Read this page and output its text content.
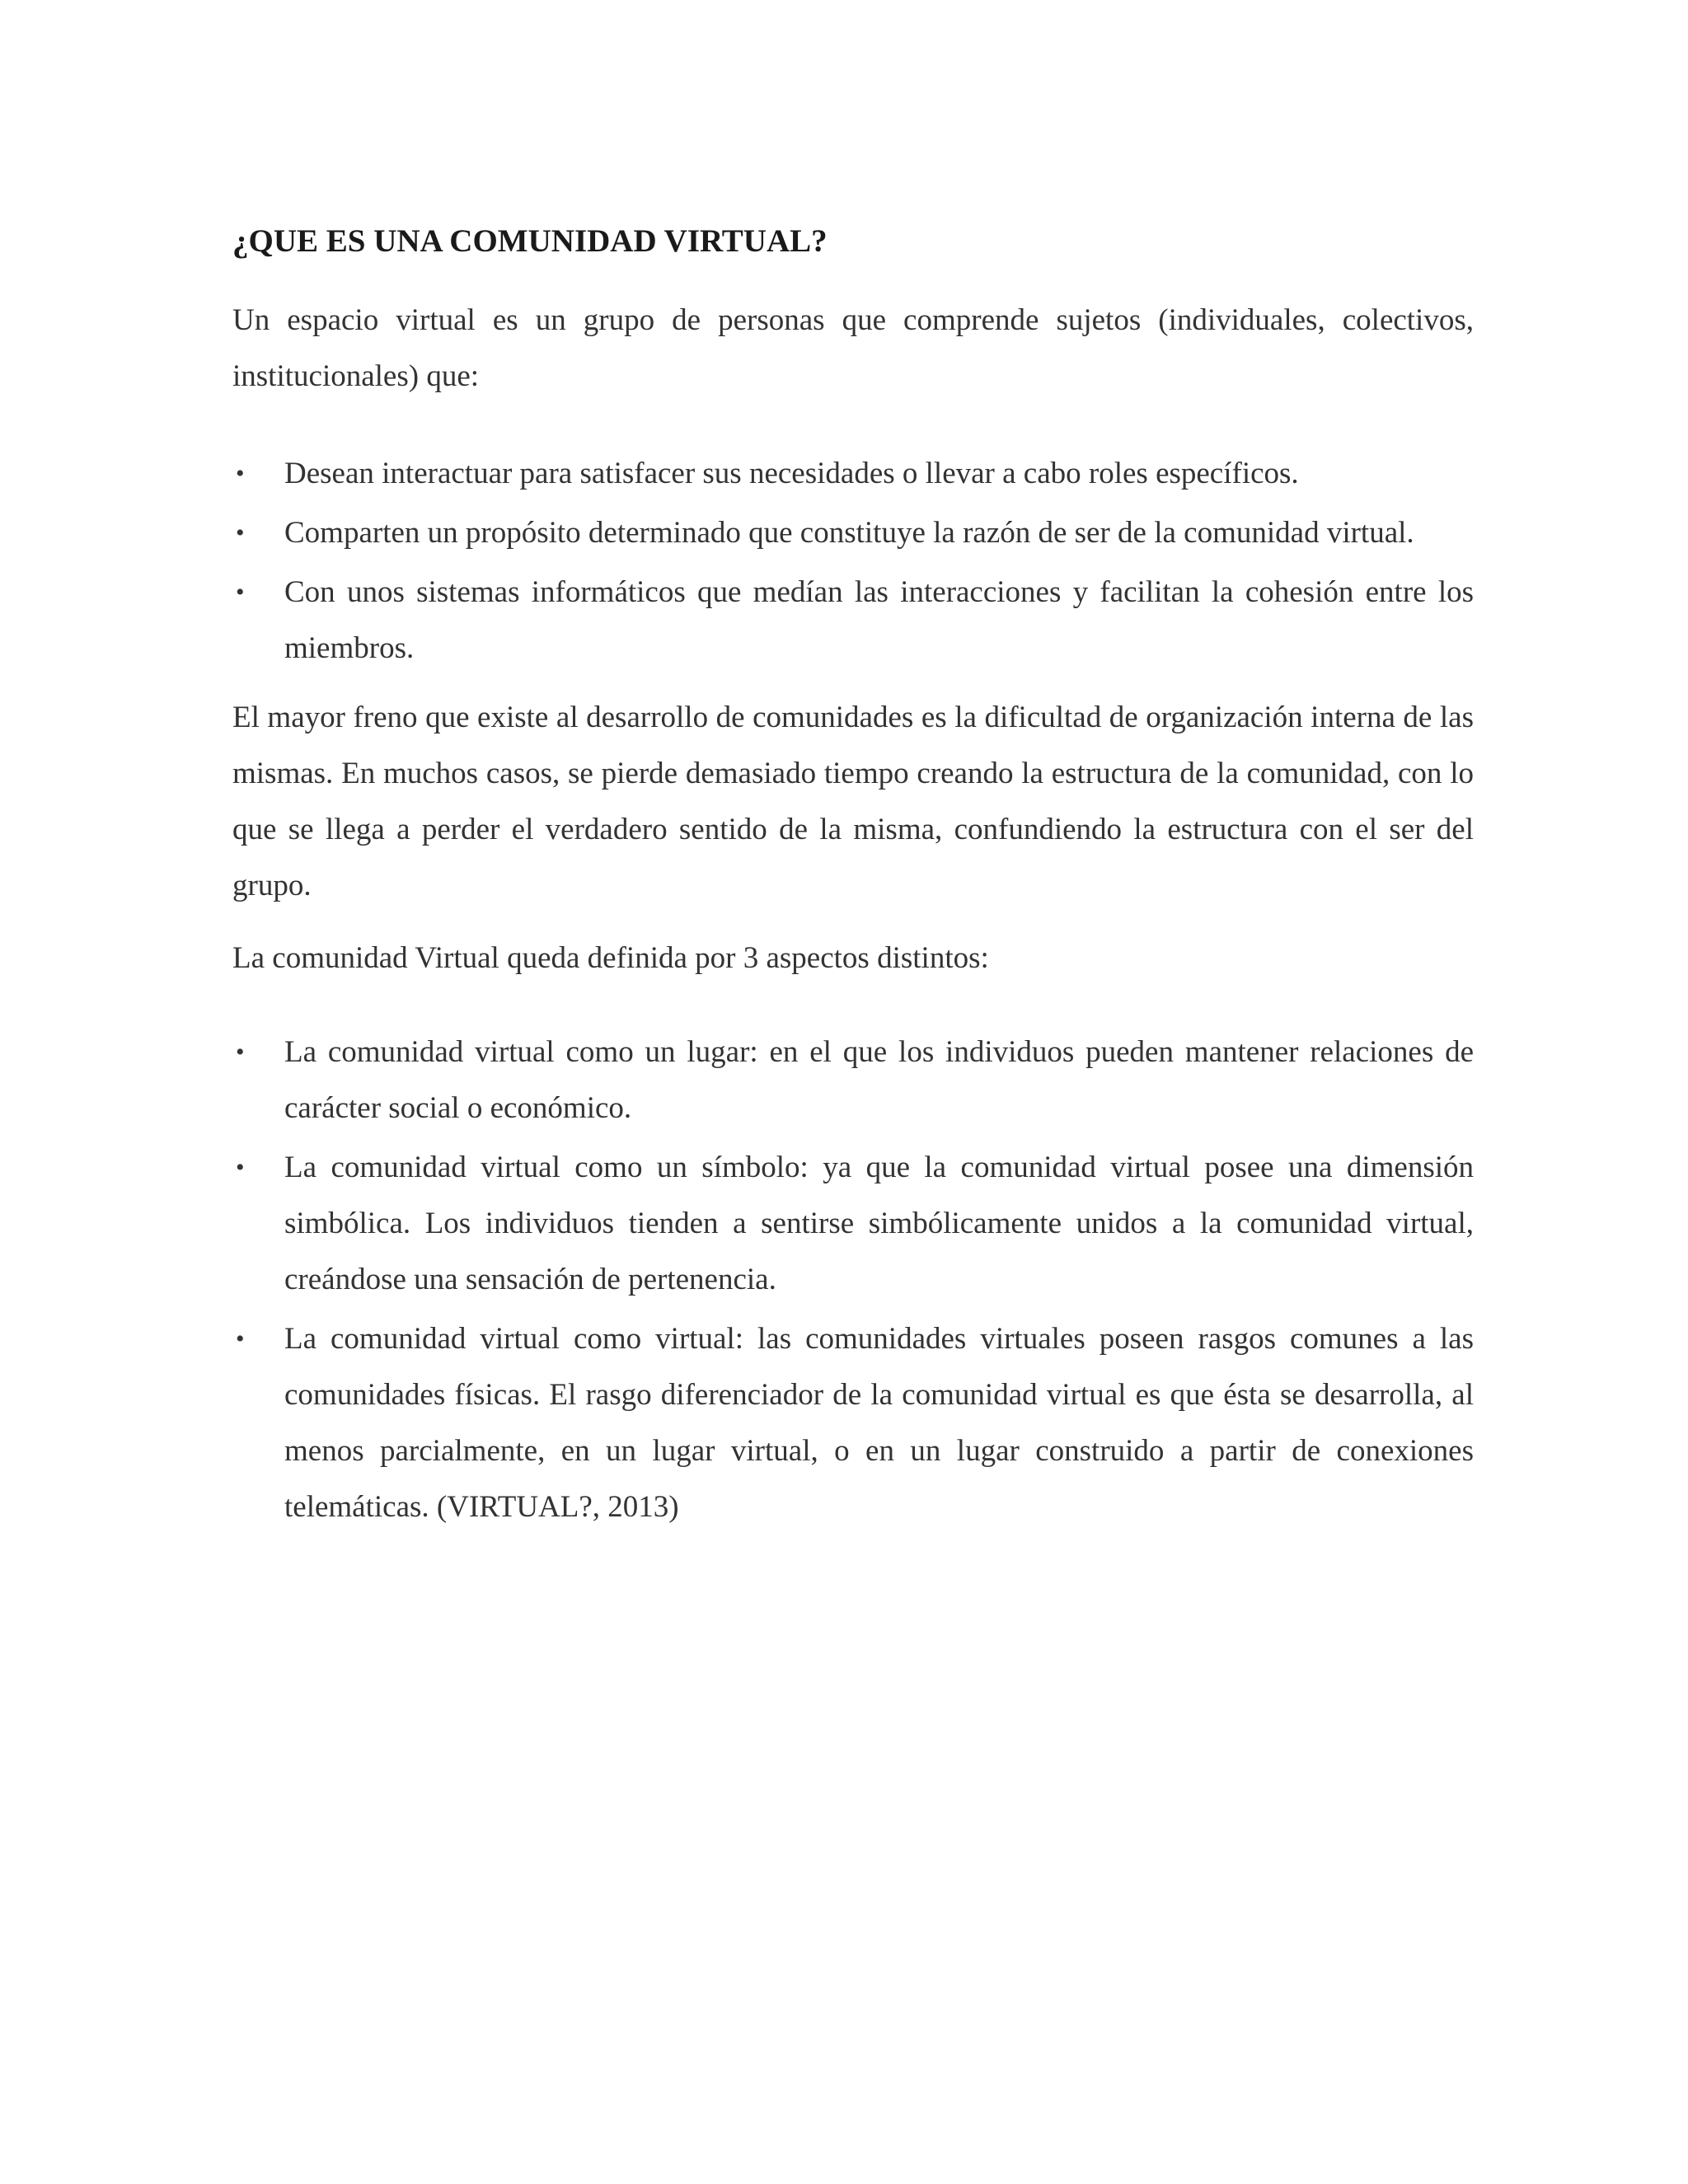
¿QUE ES UNA COMUNIDAD VIRTUAL?

Un espacio virtual es un grupo de personas que comprende sujetos (individuales, colectivos, institucionales) que:

• Desean interactuar para satisfacer sus necesidades o llevar a cabo roles específicos.
• Comparten un propósito determinado que constituye la razón de ser de la comunidad virtual.
• Con unos sistemas informáticos que medían las interacciones y facilitan la cohesión entre los miembros.

El mayor freno que existe al desarrollo de comunidades es la dificultad de organización interna de las mismas. En muchos casos, se pierde demasiado tiempo creando la estructura de la comunidad, con lo que se llega a perder el verdadero sentido de la misma, confundiendo la estructura con el ser del grupo.

La comunidad Virtual queda definida por 3 aspectos distintos:

• La comunidad virtual como un lugar: en el que los individuos pueden mantener relaciones de carácter social o económico.
• La comunidad virtual como un símbolo: ya que la comunidad virtual posee una dimensión simbólica. Los individuos tienden a sentirse simbólicamente unidos a la comunidad virtual, creándose una sensación de pertenencia.
• La comunidad virtual como virtual: las comunidades virtuales poseen rasgos comunes a las comunidades físicas. El rasgo diferenciador de la comunidad virtual es que ésta se desarrolla, al menos parcialmente, en un lugar virtual, o en un lugar construido a partir de conexiones telemáticas. (VIRTUAL?, 2013)
